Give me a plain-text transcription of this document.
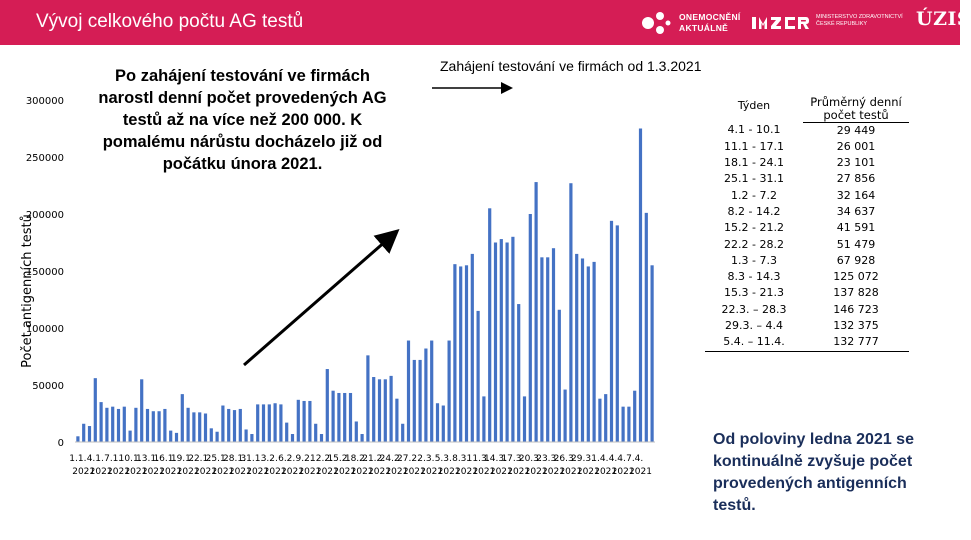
Vývoj celkového počtu AG testů	ONEMOCNĚNÍ
AKTUÁLNĚ
MINISTERSTVO ZDRAVOTNICTVÍ
ČESKÉ REPUBLIKY	ÚZIS
0
50000
100000
150000
200000
250000
300000
Počet antigenních testů
1.1.
2021
4.1.
2021
7.1.
2021
10.1.
2021
13.1.
2021
16.1.
2021
19.1.
2021
22.1.
2021
25.1.
2021
28.1.
2021
31.1.
2021
3.2.
2021
6.2.
2021
9.2.
2021
12.2.
2021
15.2.
2021
18.2.
2021
21.2.
2021
24.2.
2021
27.2.
2021
2.3.
2021
5.3.
2021
8.3.
2021
11.3.
2021
14.3.
2021
17.3.
2021
20.3.
2021
23.3.
2021
26.3.
2021
29.3.
2021
1.4.
2021
4.4.
2021
7.4.
2021
Po zahájení testování ve firmách narostl denní počet provedených AG testů až na více než 200 000. K pomalému nárůstu docházelo již od počátku února 2021.
Zahájení testování ve firmách od 1.3.2021
Týden	Průměrný denní počet testů
4.1 - 10.1	29 449
11.1 - 17.1	26 001
18.1 - 24.1	23 101
25.1 - 31.1	27 856
1.2 - 7.2	32 164
8.2 - 14.2	34 637
15.2 - 21.2	41 591
22.2 - 28.2	51 479
1.3 - 7.3	67 928
8.3 - 14.3	125 072
15.3 - 21.3	137 828
22.3. – 28.3	146 723
29.3. – 4.4	132 375
5.4. – 11.4.	132 777
Od poloviny ledna 2021 se kontinuálně zvyšuje počet provedených antigenních testů.
